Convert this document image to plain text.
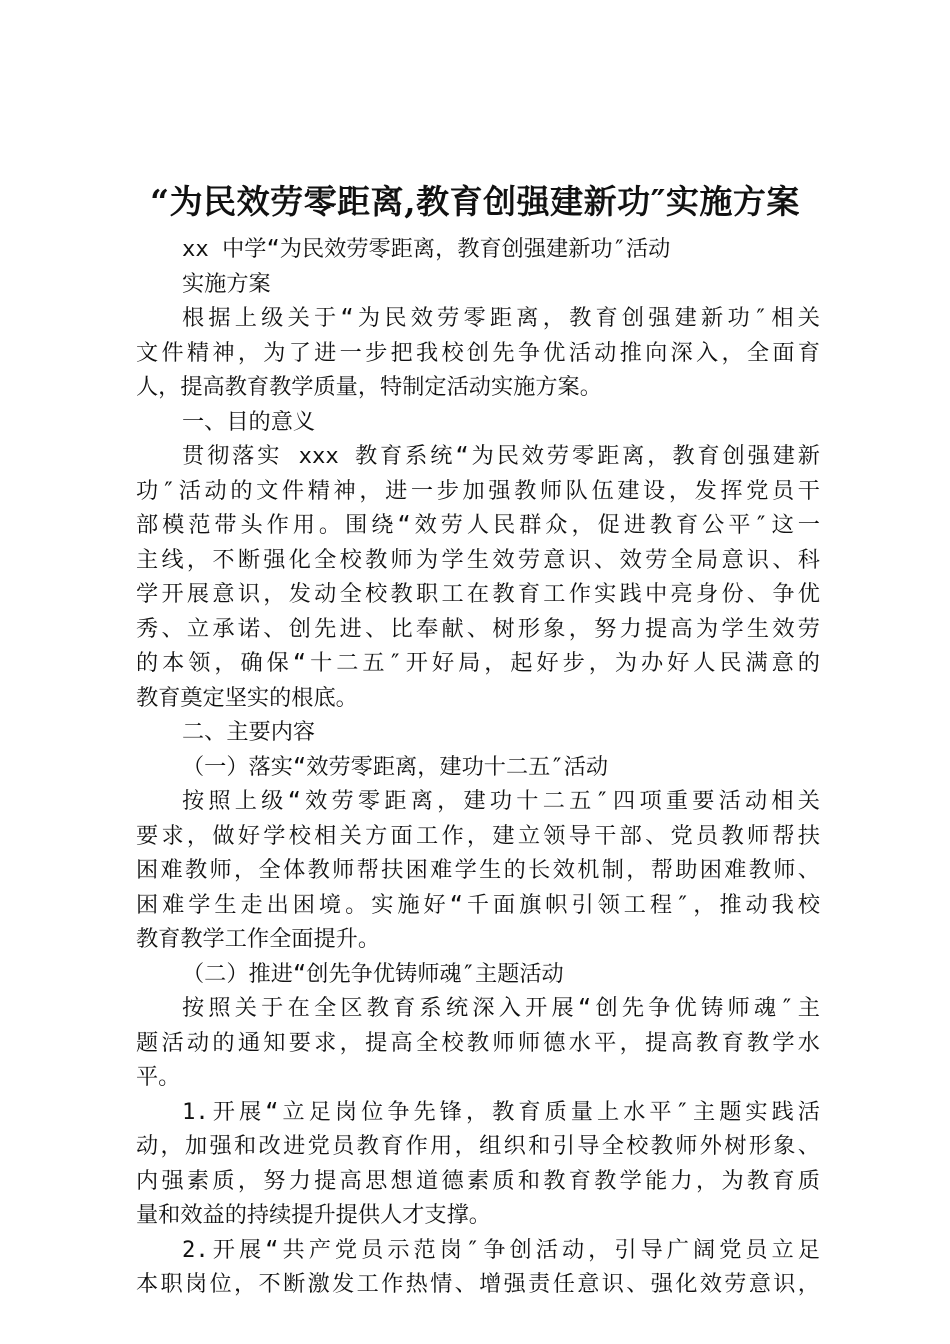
“为民效劳零距离,教育创强建新功″实施方案
xx 中学“为民效劳零距离，教育创强建新功″活动
实施方案
根据上级关于“为民效劳零距离，教育创强建新功″相关
文件精神，为了进一步把我校创先争优活动推向深入，全面育
人，提高教育教学质量，特制定活动实施方案。
一、目的意义
贯彻落实 xxx 教育系统“为民效劳零距离，教育创强建新
功″活动的文件精神，进一步加强教师队伍建设，发挥党员干
部模范带头作用。围绕“效劳人民群众，促进教育公平″这一
主线，不断强化全校教师为学生效劳意识、效劳全局意识、科
学开展意识，发动全校教职工在教育工作实践中亮身份、争优
秀、立承诺、创先进、比奉献、树形象，努力提高为学生效劳
的本领，确保“十二五″开好局，起好步，为办好人民满意的
教育奠定坚实的根底。
二、主要内容
（一）落实“效劳零距离，建功十二五″活动
按照上级“效劳零距离，建功十二五″四项重要活动相关
要求，做好学校相关方面工作，建立领导干部、党员教师帮扶
困难教师，全体教师帮扶困难学生的长效机制，帮助困难教师、
困难学生走出困境。实施好“千面旗帜引领工程″，推动我校
教育教学工作全面提升。
（二）推进“创先争优铸师魂″主题活动
按照关于在全区教育系统深入开展“创先争优铸师魂″主
题活动的通知要求，提高全校教师师德水平，提高教育教学水
平。
1.开展“立足岗位争先锋，教育质量上水平″主题实践活
动，加强和改进党员教育作用，组织和引导全校教师外树形象、
内强素质，努力提高思想道德素质和教育教学能力，为教育质
量和效益的持续提升提供人才支撑。
2.开展“共产党员示范岗″争创活动，引导广阔党员立足
本职岗位，不断激发工作热情、增强责任意识、强化效劳意识，
